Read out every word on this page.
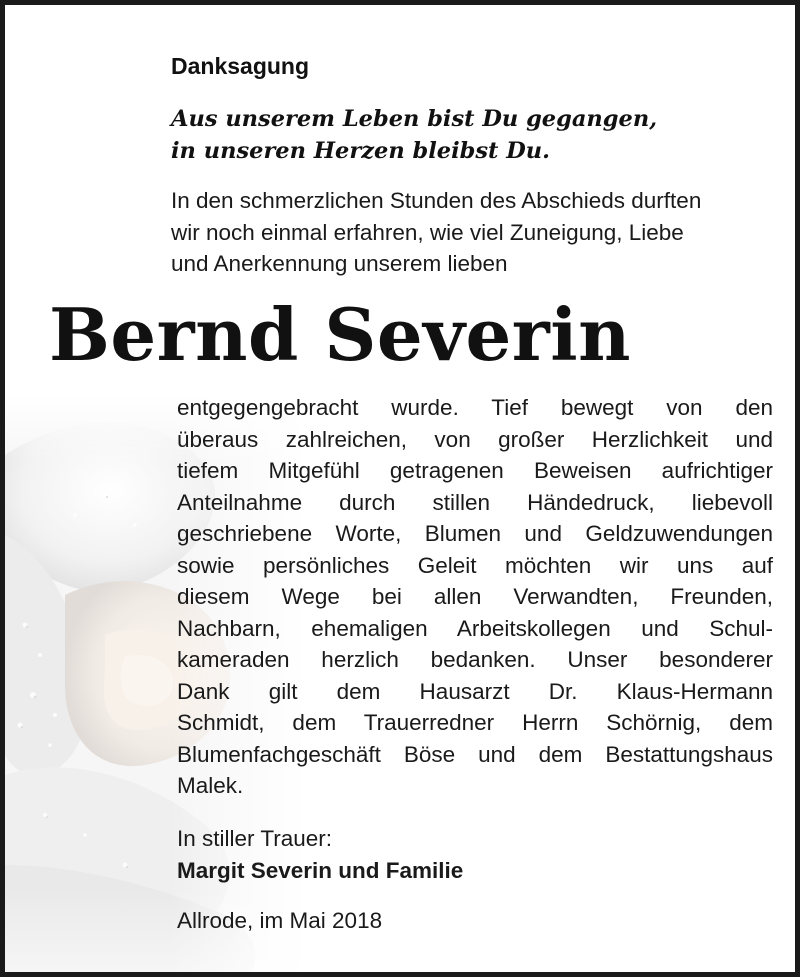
Danksagung

Aus unserem Leben bist Du gegangen,
in unseren Herzen bleibst Du.

In den schmerzlichen Stunden des Abschieds durften
wir noch einmal erfahren, wie viel Zuneigung, Liebe
und Anerkennung unserem lieben

Bernd Severin

entgegengebracht wurde. Tief bewegt von den
überaus zahlreichen, von großer Herzlichkeit und
tiefem Mitgefühl getragenen Beweisen aufrichtiger
Anteilnahme durch stillen Händedruck, liebevoll
geschriebene Worte, Blumen und Geldzuwendungen
sowie persönliches Geleit möchten wir uns auf
diesem Wege bei allen Verwandten, Freunden,
Nachbarn, ehemaligen Arbeitskollegen und Schul-
kameraden herzlich bedanken. Unser besonderer
Dank gilt dem Hausarzt Dr. Klaus-Hermann
Schmidt, dem Trauerredner Herrn Schörnig, dem
Blumenfachgeschäft Böse und dem Bestattungshaus
Malek.

In stiller Trauer:
Margit Severin und Familie
Allrode, im Mai 2018
